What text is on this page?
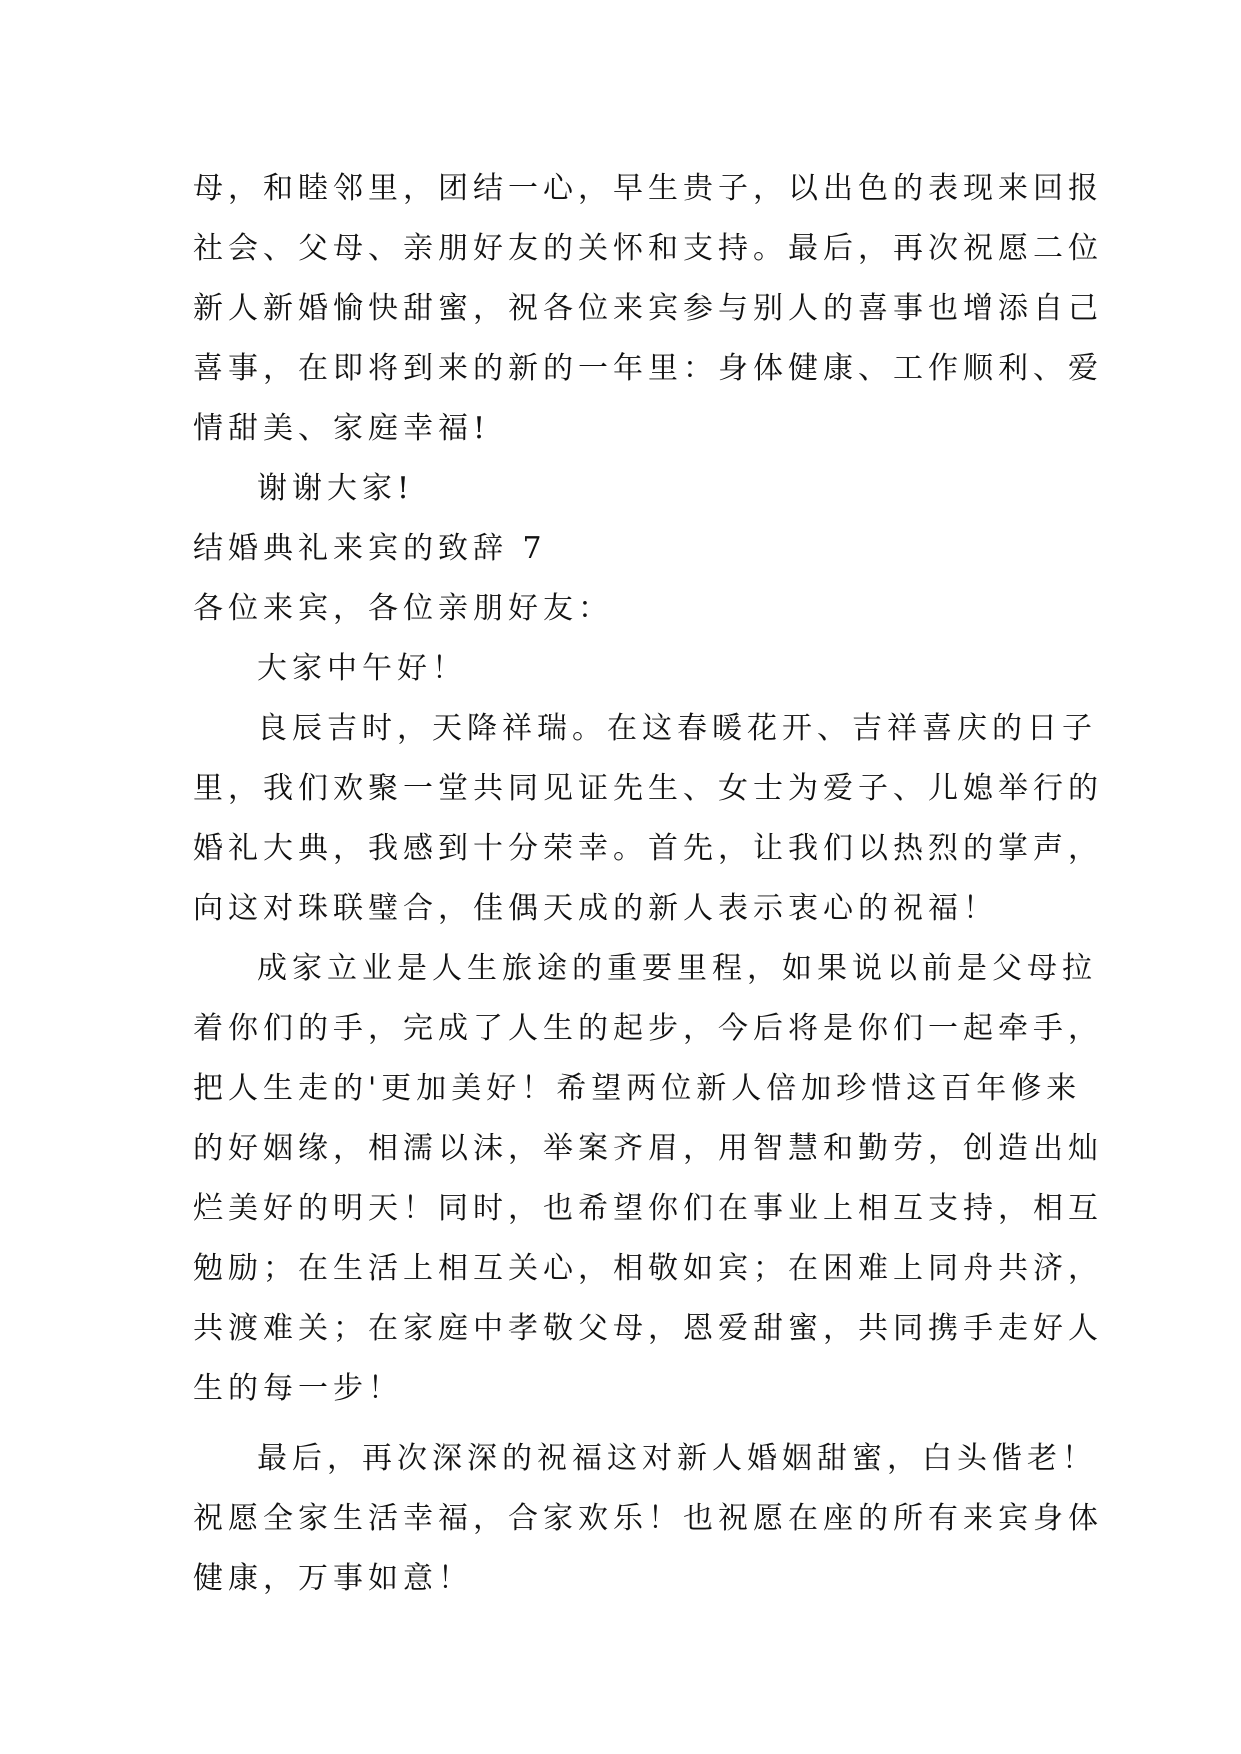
母，和睦邻里，团结一心，早生贵子，以出色的表现来回报
社会、父母、亲朋好友的关怀和支持。最后，再次祝愿二位
新人新婚愉快甜蜜，祝各位来宾参与别人的喜事也增添自己
喜事，在即将到来的新的一年里：身体健康、工作顺利、爱
情甜美、家庭幸福!
谢谢大家!
结婚典礼来宾的致辞 7
各位来宾，各位亲朋好友：
大家中午好！
良辰吉时，天降祥瑞。在这春暖花开、吉祥喜庆的日子
里，我们欢聚一堂共同见证先生、女士为爱子、儿媳举行的
婚礼大典，我感到十分荣幸。首先，让我们以热烈的掌声，
向这对珠联璧合，佳偶天成的新人表示衷心的祝福！
成家立业是人生旅途的重要里程，如果说以前是父母拉
着你们的手，完成了人生的起步，今后将是你们一起牵手，
把人生走的'更加美好！希望两位新人倍加珍惜这百年修来
的好姻缘，相濡以沫，举案齐眉，用智慧和勤劳，创造出灿
烂美好的明天！同时，也希望你们在事业上相互支持，相互
勉励；在生活上相互关心，相敬如宾；在困难上同舟共济，
共渡难关；在家庭中孝敬父母，恩爱甜蜜，共同携手走好人
生的每一步！
最后，再次深深的祝福这对新人婚姻甜蜜，白头偕老！
祝愿全家生活幸福，合家欢乐！也祝愿在座的所有来宾身体
健康，万事如意！
